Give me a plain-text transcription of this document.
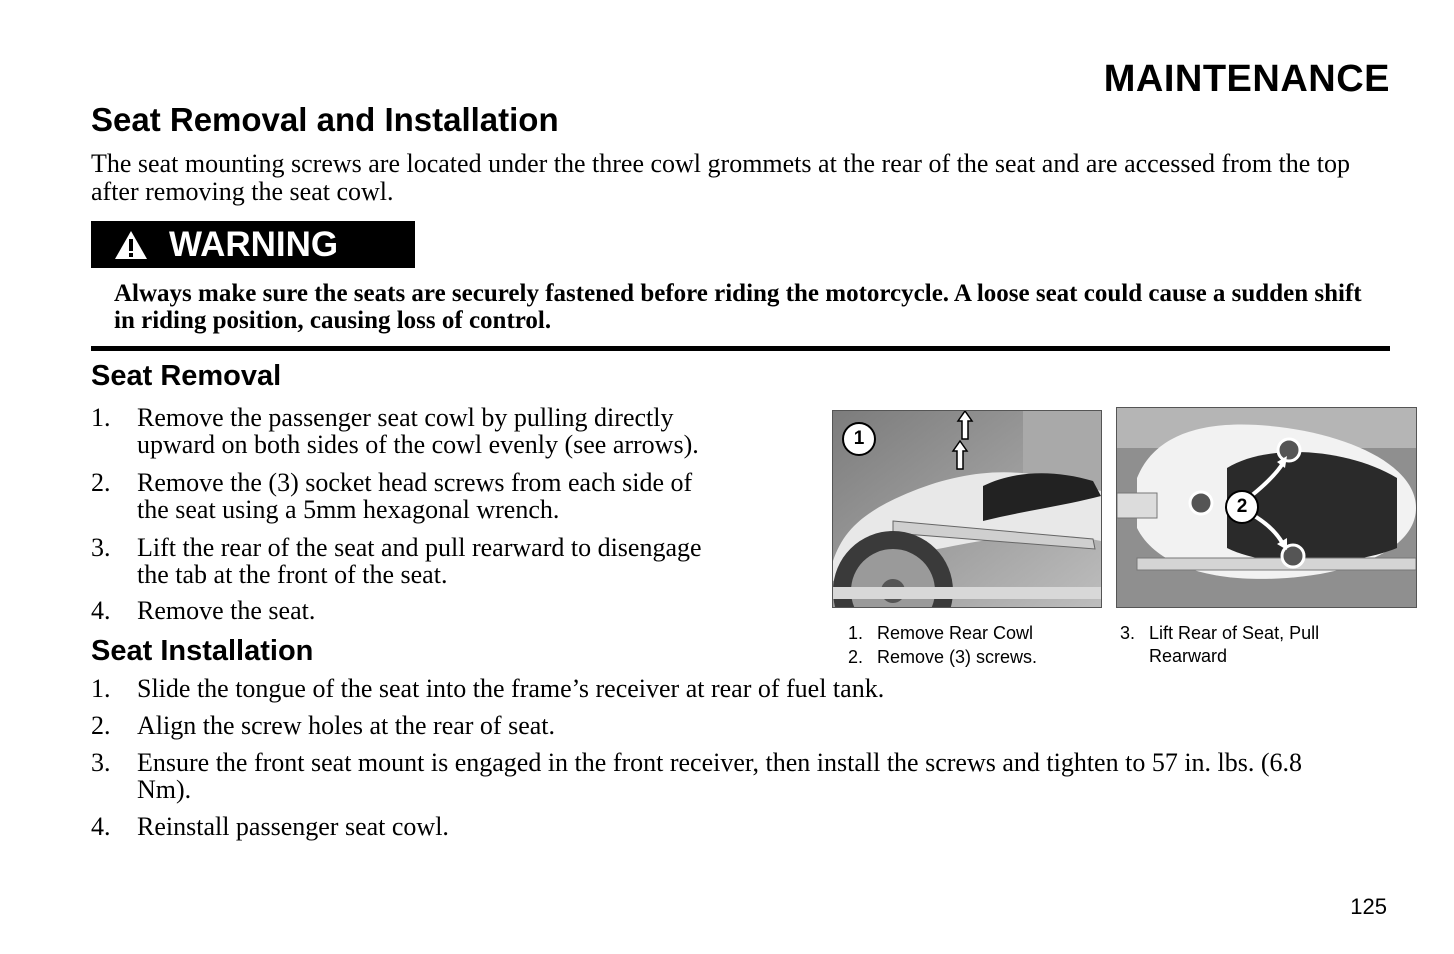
MAINTENANCE
Seat Removal and Installation
The seat mounting screws are located under the three cowl grommets at the rear of the seat and are accessed from the top after removing the seat cowl.
WARNING
Always make sure the seats are securely fastened before riding the motorcycle. A loose seat could cause a sudden shift in riding position, causing loss of control.
Seat Removal
1. Remove the passenger seat cowl by pulling directly
upward on both sides of the cowl evenly (see arrows).
2. Remove the (3) socket head screws from each side of
the seat using a 5mm hexagonal wrench.
3. Lift the rear of the seat and pull rearward to disengage
the tab at the front of the seat.
4. Remove the seat.
Seat Installation
1. Slide the tongue of the seat into the frame’s receiver at rear of fuel tank.
2. Align the screw holes at the rear of seat.
3. Ensure the front seat mount is engaged in the front receiver, then install the screws and tighten to 57 in. lbs. (6.8
Nm).
4. Reinstall passenger seat cowl.
1
2
1. Remove Rear Cowl
2. Remove (3) screws.
3. Lift Rear of Seat, Pull
Rearward
125
